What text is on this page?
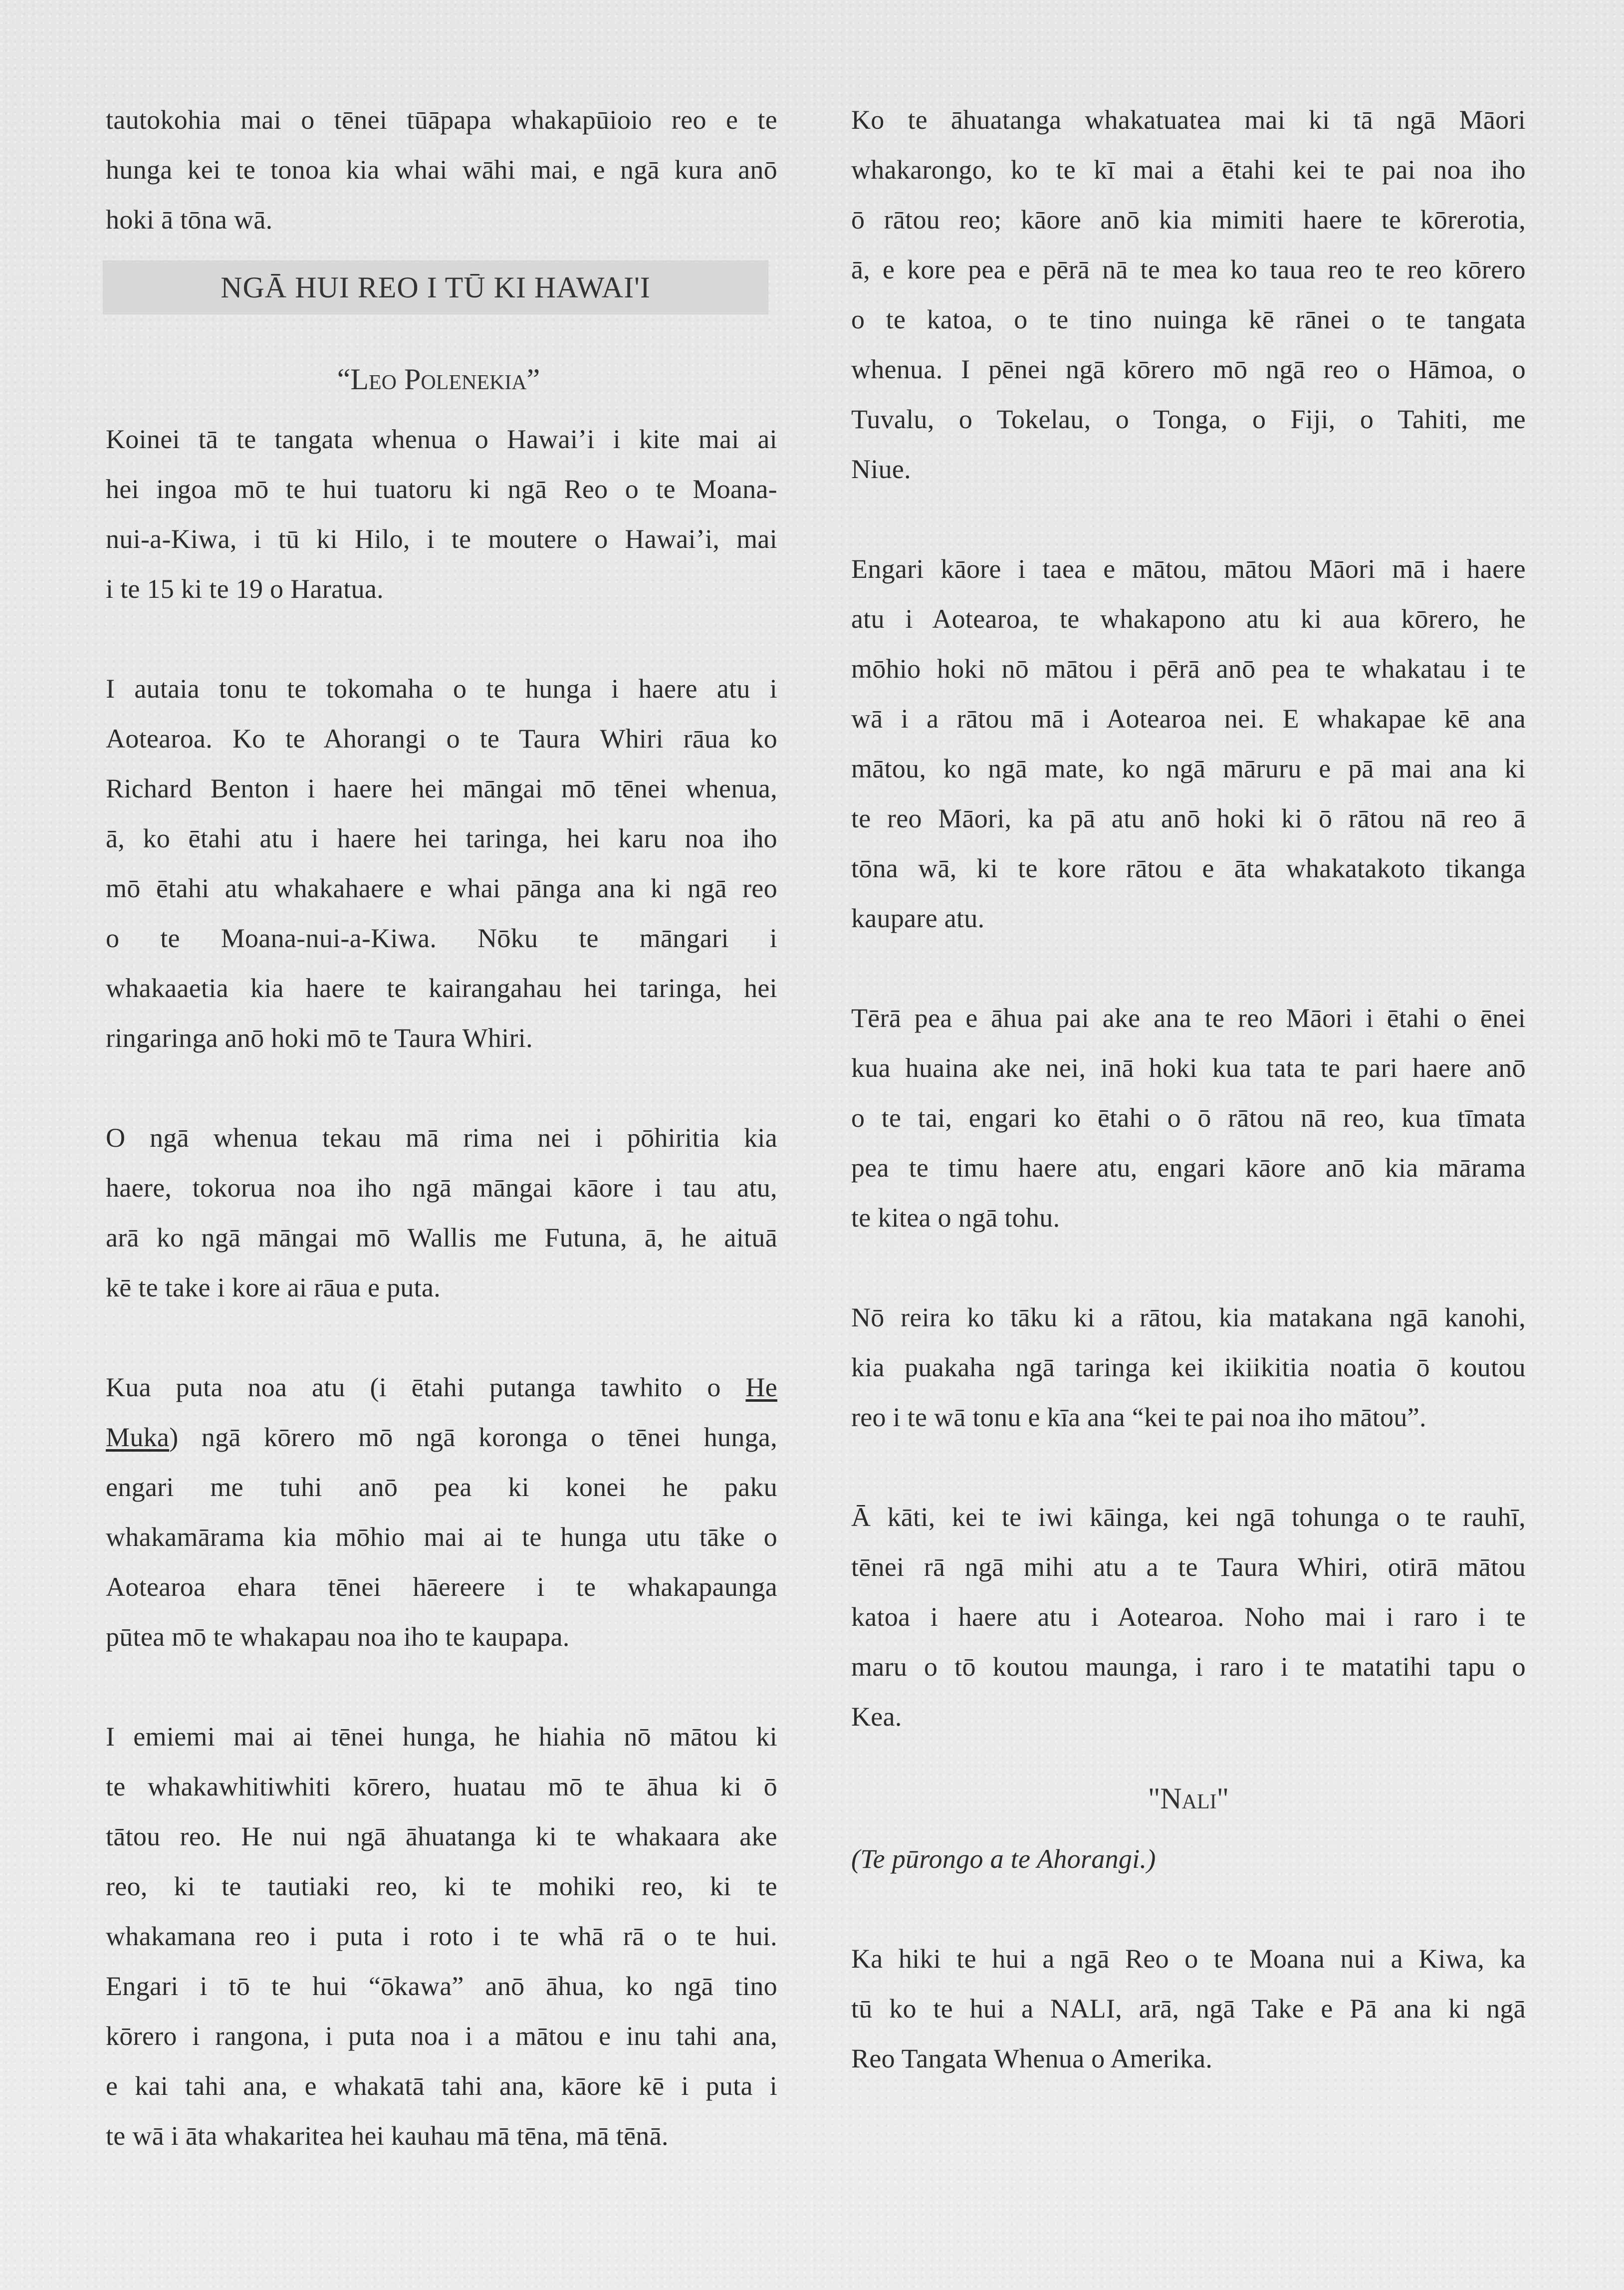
tautokohia mai o tēnei tūāpapa whakapūioio reo e te
hunga kei te tonoa kia whai wāhi mai, e ngā kura anō
hoki ā tōna wā.
NGĀ HUI REO I TŪ KI HAWAI'I
“Leo Polenekia”
Koinei tā te tangata whenua o Hawai’i i kite mai ai
hei ingoa mō te hui tuatoru ki ngā Reo o te Moana-
nui-a-Kiwa, i tū ki Hilo, i te moutere o Hawai’i, mai
i te 15 ki te 19 o Haratua.
I autaia tonu te tokomaha o te hunga i haere atu i
Aotearoa. Ko te Ahorangi o te Taura Whiri rāua ko
Richard Benton i haere hei māngai mō tēnei whenua,
ā, ko ētahi atu i haere hei taringa, hei karu noa iho
mō ētahi atu whakahaere e whai pānga ana ki ngā reo
o te Moana-nui-a-Kiwa. Nōku te māngari i
whakaaetia kia haere te kairangahau hei taringa, hei
ringaringa anō hoki mō te Taura Whiri.
O ngā whenua tekau mā rima nei i pōhiritia kia
haere, tokorua noa iho ngā māngai kāore i tau atu,
arā ko ngā māngai mō Wallis me Futuna, ā, he aituā
kē te take i kore ai rāua e puta.
Kua puta noa atu (i ētahi putanga tawhito o He
Muka) ngā kōrero mō ngā koronga o tēnei hunga,
engari me tuhi anō pea ki konei he paku
whakamārama kia mōhio mai ai te hunga utu tāke o
Aotearoa ehara tēnei hāereere i te whakapaunga
pūtea mō te whakapau noa iho te kaupapa.
I emiemi mai ai tēnei hunga, he hiahia nō mātou ki
te whakawhitiwhiti kōrero, huatau mō te āhua ki ō
tātou reo. He nui ngā āhuatanga ki te whakaara ake
reo, ki te tautiaki reo, ki te mohiki reo, ki te
whakamana reo i puta i roto i te whā rā o te hui.
Engari i tō te hui “ōkawa” anō āhua, ko ngā tino
kōrero i rangona, i puta noa i a mātou e inu tahi ana,
e kai tahi ana, e whakatā tahi ana, kāore kē i puta i
te wā i āta whakaritea hei kauhau mā tēna, mā tēnā.
Ko te āhuatanga whakatuatea mai ki tā ngā Māori
whakarongo, ko te kī mai a ētahi kei te pai noa iho
ō rātou reo; kāore anō kia mimiti haere te kōrerotia,
ā, e kore pea e pērā nā te mea ko taua reo te reo kōrero
o te katoa, o te tino nuinga kē rānei o te tangata
whenua. I pēnei ngā kōrero mō ngā reo o Hāmoa, o
Tuvalu, o Tokelau, o Tonga, o Fiji, o Tahiti, me
Niue.
Engari kāore i taea e mātou, mātou Māori mā i haere
atu i Aotearoa, te whakapono atu ki aua kōrero, he
mōhio hoki nō mātou i pērā anō pea te whakatau i te
wā i a rātou mā i Aotearoa nei. E whakapae kē ana
mātou, ko ngā mate, ko ngā māruru e pā mai ana ki
te reo Māori, ka pā atu anō hoki ki ō rātou nā reo ā
tōna wā, ki te kore rātou e āta whakatakoto tikanga
kaupare atu.
Tērā pea e āhua pai ake ana te reo Māori i ētahi o ēnei
kua huaina ake nei, inā hoki kua tata te pari haere anō
o te tai, engari ko ētahi o ō rātou nā reo, kua tīmata
pea te timu haere atu, engari kāore anō kia mārama
te kitea o ngā tohu.
Nō reira ko tāku ki a rātou, kia matakana ngā kanohi,
kia puakaha ngā taringa kei ikiikitia noatia ō koutou
reo i te wā tonu e kīa ana “kei te pai noa iho mātou”.
Ā kāti, kei te iwi kāinga, kei ngā tohunga o te rauhī,
tēnei rā ngā mihi atu a te Taura Whiri, otirā mātou
katoa i haere atu i Aotearoa. Noho mai i raro i te
maru o tō koutou maunga, i raro i te matatihi tapu o
Kea.
"Nali"
(Te pūrongo a te Ahorangi.)
Ka hiki te hui a ngā Reo o te Moana nui a Kiwa, ka
tū ko te hui a NALI, arā, ngā Take e Pā ana ki ngā
Reo Tangata Whenua o Amerika.
